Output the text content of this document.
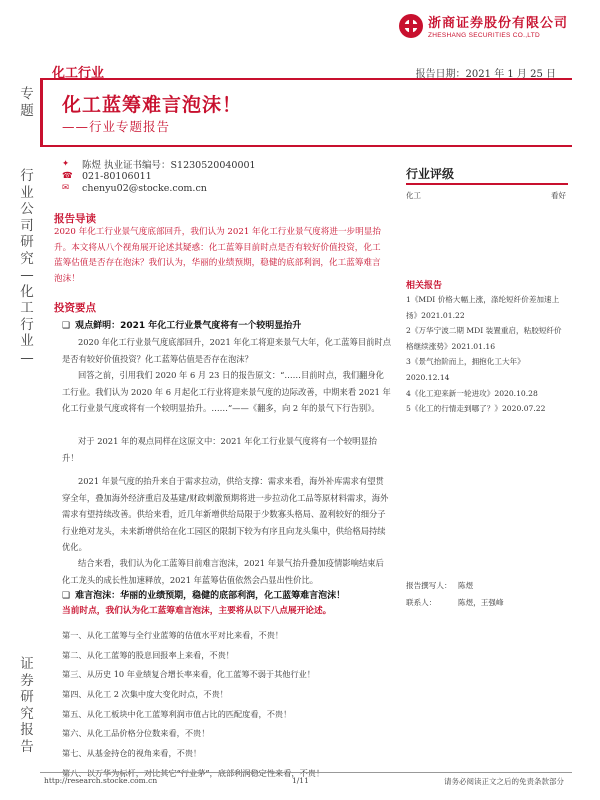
浙商证券股份有限公司
ZHESHANG SECURITIES CO.,LTD
专题
行业公司研究—化工行业—
证券研究报告
化工行业	报告日期：2021 年 1 月 25 日
化工蓝筹难言泡沫！
——行业专题报告
✦	陈煜 执业证书编号：S1230520040001
☎ 021-80106011
✉	chenyu02@stocke.com.cn
行业评级
化工	看好
报告导读
2020 年化工行业景气度底部回升，我们认为 2021 年化工行业景气度将进一步明显抬升。本文将从八个视角展开论述其疑惑：化工蓝筹目前时点是否有较好价值投资，化工蓝筹估值是否存在泡沫？我们认为，华丽的业绩预期，稳健的底部利润，化工蓝筹难言泡沫！
投资要点
❑ 观点鲜明：2021 年化工行业景气度将有一个较明显抬升
2020 年化工行业景气度底部回升，2021 年化工将迎来景气大年，化工蓝筹目前时点是否有较好价值投资？化工蓝筹估值是否存在泡沫？
回答之前，引用我们 2020 年 6 月 23 日的报告原文：“……目前时点，我们翻身化工行业。我们认为 2020 年 6 月起化工行业将迎来景气度的边际改善，中期来看 2021 年化工行业景气度或将有一个较明显抬升。……”——《翻多，向 2 年的景气下行告别》。
对于 2021 年的观点同样在这原文中：2021 年化工行业景气度将有一个较明显抬升！
2021 年景气度的抬升来自于需求拉动，供给支撑：需求来看，海外补库需求有望贯穿全年，叠加海外经济重启及基建/财政刺激预期将进一步拉动化工品等原材料需求，海外需求有望持续改善。供给来看，近几年新增供给局限于少数寡头格局、盈利较好的细分子行业绝对龙头，未来新增供给在化工园区的限制下较为有序且向龙头集中，供给格局持续优化。
结合来看，我们认为化工蓝筹目前难言泡沫，2021 年景气抬升叠加疫情影响结束后化工龙头的成长性加速释放，2021 年蓝筹估值依然会凸显出性价比。
❑ 难言泡沫：华丽的业绩预期，稳健的底部利润，化工蓝筹难言泡沫！
当前时点，我们认为化工蓝筹难言泡沫，主要将从以下八点展开论述。
第一、从化工蓝筹与全行业蓝筹的估值水平对比来看，不贵！
第二、从化工蓝筹的股息回报率上来看，不贵！
第三、从历史 10 年业绩复合增长率来看，化工蓝筹不弱于其他行业！
第四、从化工 2 次集中度大变化时点，不贵！
第五、从化工板块中化工蓝筹利润市值占比的匹配度看，不贵！
第六、从化工品价格分位数来看，不贵！
第七、从基金持仓的视角来看，不贵！
第八、以万华为标杆，对比其它“行业茅”，底部利润稳定性来看，不贵！
相关报告
1《MDI 价格大幅上涨，涤纶短纤价差加速上扬》2021.01.22
2《万华宁波二期 MDI 装置重启，粘胶短纤价格继续涨势》2021.01.16
3《景气抬阶而上，拥抱化工大年》2020.12.14
4《化工迎来新一轮进攻》2020.10.28
5《化工的行情走到哪了？》2020.07.22
报告撰写人： 陈煜
联系人：	陈煜，王强峰
http://research.stocke.com.cn	1/11	请务必阅读正文之后的免责条款部分
